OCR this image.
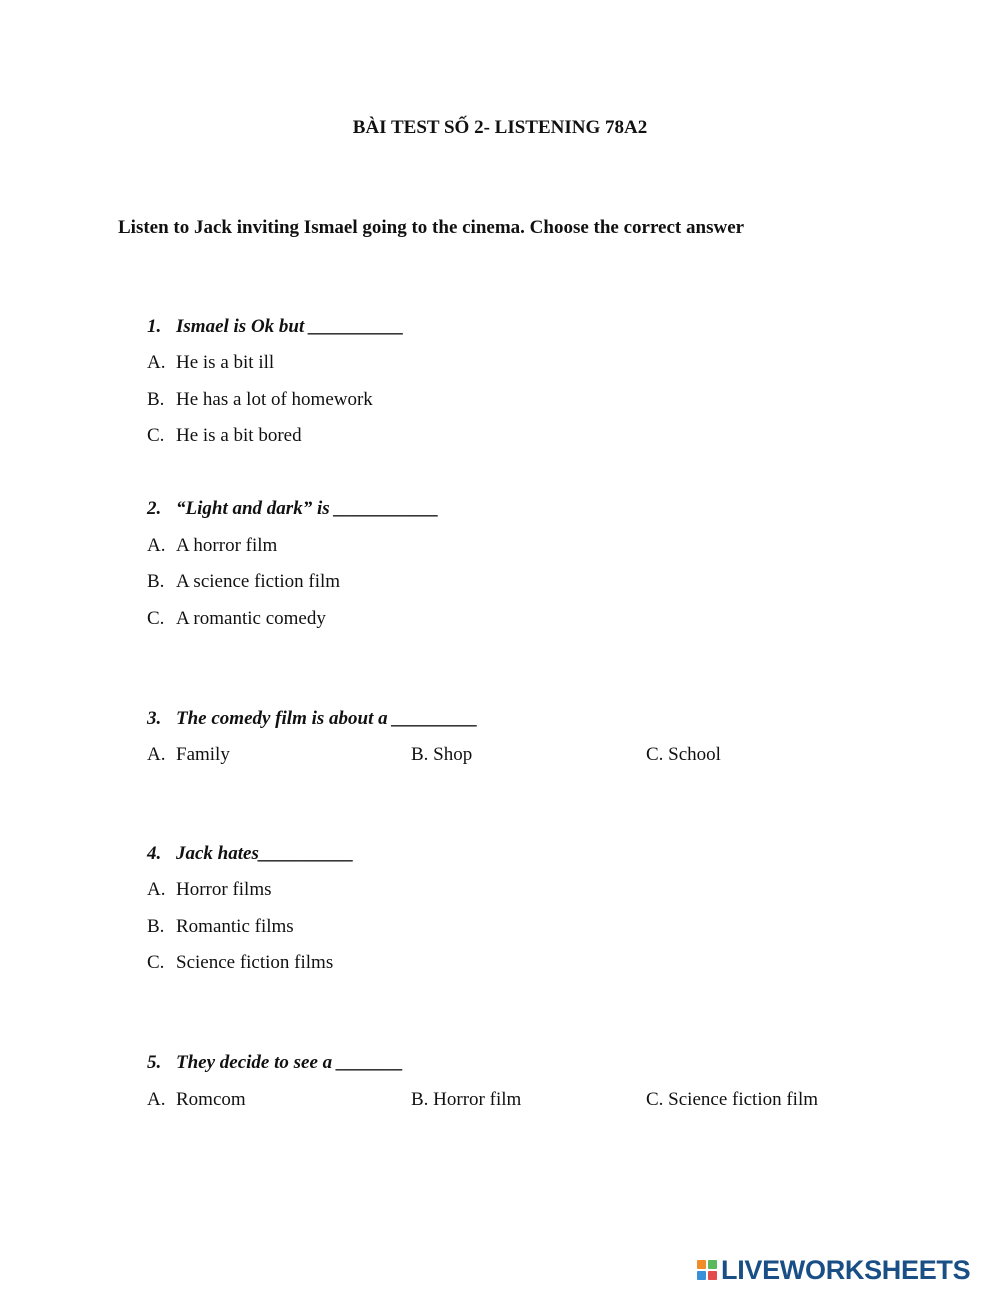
BÀI TEST SỐ 2- LISTENING 78A2
Listen to Jack inviting Ismael going to the cinema. Choose the correct answer
1. Ismael is Ok but __________
A. He is a bit ill
B. He has a lot of homework
C. He is a bit bored
2. “Light and dark” is ___________
A. A horror film
B. A science fiction film
C. A romantic comedy
3. The comedy film is about a _________
A. Family	B. Shop	C. School
4. Jack hates__________
A. Horror films
B. Romantic films
C. Science fiction films
5. They decide to see a _______
A. Romcom	B. Horror film	C. Science fiction film
LIVEWORKSHEETS
